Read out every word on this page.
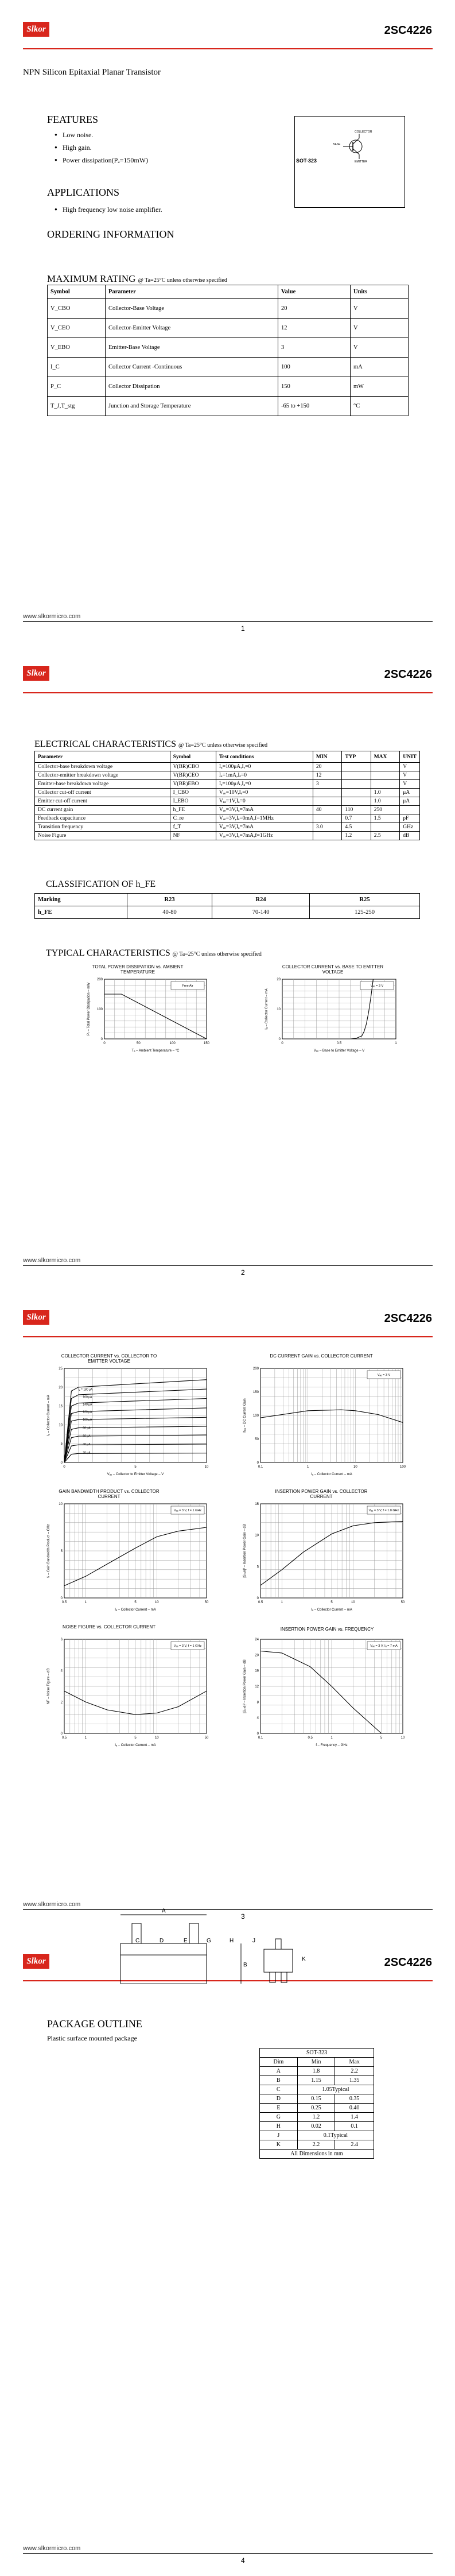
Slkor	2SC4226
NPN Silicon Epitaxial Planar Transistor
FEATURES
● Low noise.
● High gain.
● Power dissipation(Pₐ=150mW)
APPLICATIONS
● High frequency low noise amplifier.
ORDERING INFORMATION
COLLECTOR
BASE
EMITTER
SOT-323
MAXIMUM RATING @ Ta=25°C unless otherwise specified
Symbol	Parameter	Value	Units
V_CBO	Collector-Base Voltage	20	V
V_CEO	Collector-Emitter Voltage	12	V
V_EBO	Emitter-Base Voltage	3	V
I_C	Collector Current -Continuous	100	mA
P_C	Collector Dissipation	150	mW
T_J,T_stg	Junction and Storage Temperature	-65 to +150	°C
www.slkormicro.com
1
Slkor	2SC4226
ELECTRICAL CHARACTERISTICS @ Ta=25°C unless otherwise specified
Parameter	Symbol	Test conditions	MIN	TYP	MAX	UNIT
Collector-base breakdown voltage	V(BR)CBO	Iₐ=100μA,Iₑ=0	20			V
Collector-emitter breakdown voltage	V(BR)CEO	Iₐ=1mA,Iₑ=0	12			V
Emitter-base breakdown voltage	V(BR)EBO	Iₑ=100μA,Iₐ=0	3			V
Collector cut-off current	I_CBO	Vₐₑ=10V,Iₑ=0			1.0	μA
Emitter cut-off current	I_EBO	Vₑₐ=1V,Iₐ=0			1.0	μA
DC current gain	h_FE	Vₐₑ=3V,Iₐ=7mA	40	110	250	
Feedback capacitance	C_re	Vₐₑ=3V,Iₑ=0mA,f=1MHz		0.7	1.5	pF
Transition frequency	f_T	Vₐₑ=3V,Iₐ=7mA	3.0	4.5		GHz
Noise Figure	NF	Vₐₑ=3V,Iₐ=7mA,f=1GHz		1.2	2.5	dB
CLASSIFICATION OF h_FE
Marking	R23	R24	R25
h_FE	40-80	70-140	125-250
TYPICAL CHARACTERISTICS @ Ta=25°C unless otherwise specified
TOTAL POWER DISSIPATION vs. AMBIENT TEMPERATURE
0	50	100	150
0
100
200
Tₐ – Ambient Temperature – °C
Pₜ – Total Power Dissipation – mW	Free Air
COLLECTOR CURRENT vs. BASE TO EMITTER VOLTAGE
0	0.5	1
0
10
20
Vₑₑ – Base to Emitter Voltage – V
Iₐ – Collector Current – mA
Vₐₑ = 3 V
www.slkormicro.com
2
Slkor	2SC4226
COLLECTOR CURRENT vs. COLLECTOR TO EMITTER VOLTAGE
0	5	10
0
5
10
15
20
25
Vₐₑ – Collector to Emitter Voltage – V
Iₐ – Collector Current – mA
Iₑ = 180 μA
160 μA
140 μA
120 μA
100 μA
80 μA
60 μA
40 μA
20 μA
DC CURRENT GAIN vs. COLLECTOR CURRENT
0.1	1	10	100
0
50
100
150
200
Iₐ – Collector Current – mA
hₑₑ – DC Current Gain
Vₐₑ = 3 V
GAIN BANDWIDTH PRODUCT vs. COLLECTOR CURRENT
0.5	1	5	10	50
0
5
10
Iₐ – Collector Current – mA
fₜ – Gain Bandwidth Product – GHz
Vₐₑ = 3 V, f = 1 GHz
INSERTION POWER GAIN vs. COLLECTOR CURRENT
0.5	1	5	10	50
0
5
10
15
Iₐ – Collector Current – mA
|S₂₁e|² – Insertion Power Gain – dB
Vₐₑ = 3 V, f = 1.0 GHz
NOISE FIGURE vs. COLLECTOR CURRENT
0.5	1	5	10	50
0
2
4
6
Iₐ – Collector Current – mA
NF – Noise Figure – dB
Vₐₑ = 3 V, f = 1 GHz
INSERTION POWER GAIN vs. FREQUENCY
0.1	0.5	1	5	10
0
4
8
12
16
20
24
f – Frequency – GHz
|S₂₁e|² – Insertion Power Gain – dB
Vₐₑ = 3 V, Iₐ = 7 mA
www.slkormicro.com
3
Slkor	2SC4226
PACKAGE OUTLINE
Plastic surface mounted package
A
B
K
C	D	E	G	H	J
SOT-323		
Dim	Min	Max
A	1.8	2.2
B	1.15	1.35
C	1.05Typical	
D	0.15	0.35
E	0.25	0.40
G	1.2	1.4
H	0.02	0.1
J	0.1Typical	
K	2.2	2.4
All Dimensions in mm		
www.slkormicro.com
4
